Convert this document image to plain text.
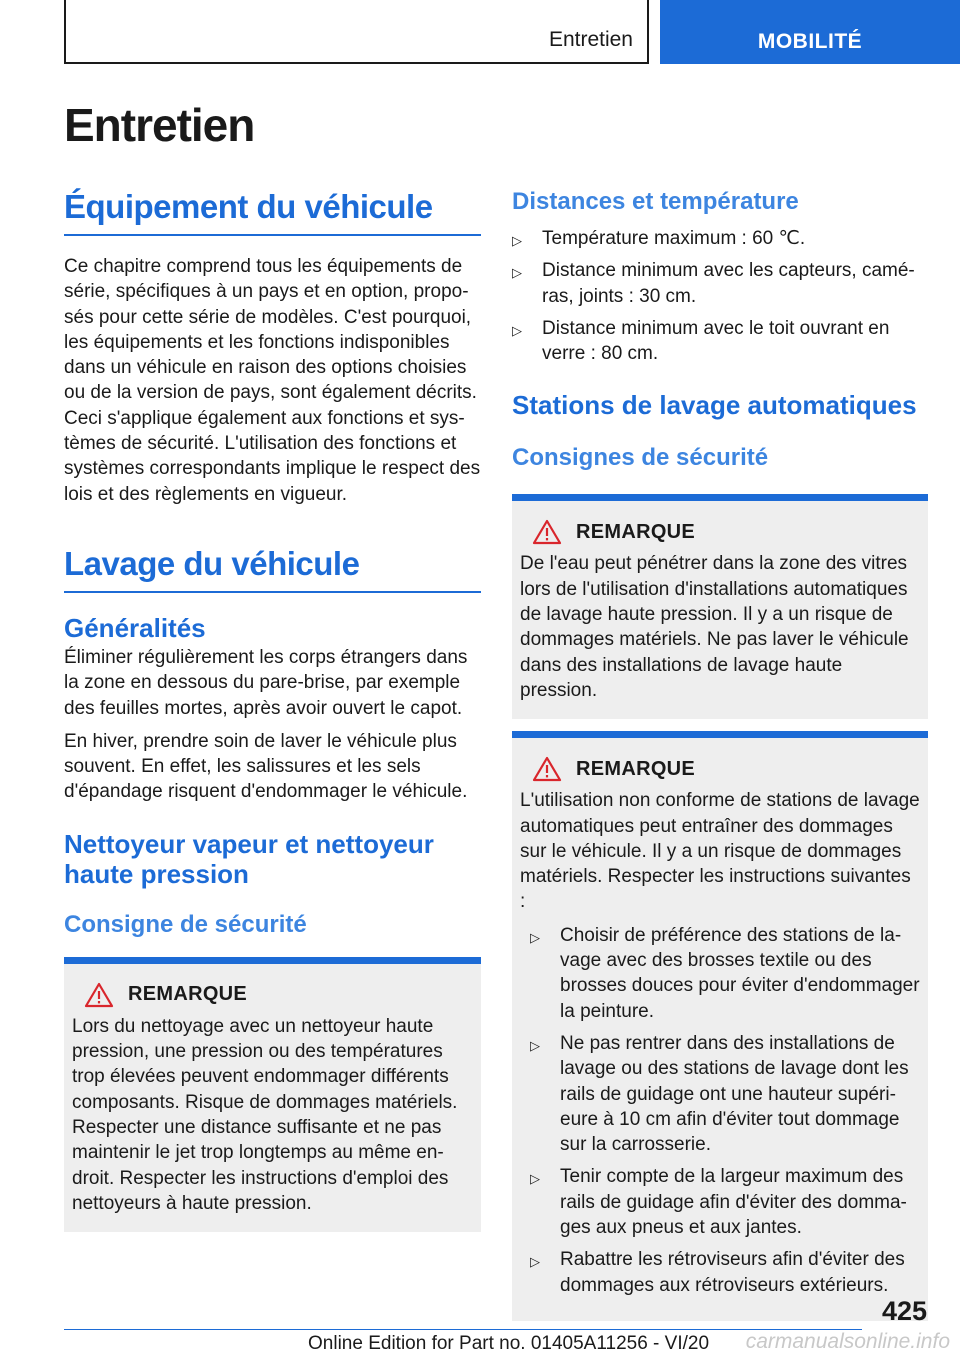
Entretien	MOBILITÉ
Entretien
Équipement du véhicule

Ce chapitre comprend tous les équipements de série, spécifiques à un pays et en option, proposés pour cette série de modèles. C'est pourquoi, les équipements et les fonctions indisponibles dans un véhicule en raison des options choisies ou de la version de pays, sont également décrits. Ceci s'applique également aux fonctions et systèmes de sécurité. L'utilisation des fonctions et systèmes correspondants implique le respect des lois et des règlements en vigueur.

Lavage du véhicule
Généralités

Éliminer régulièrement les corps étrangers dans la zone en dessous du pare-brise, par exemple des feuilles mortes, après avoir ouvert le capot.

En hiver, prendre soin de laver le véhicule plus souvent. En effet, les salissures et les sels d'épandage risquent d'endommager le véhicule.

Nettoyeur vapeur et nettoyeur haute pression
Consigne de sécurité
REMARQUE

Lors du nettoyage avec un nettoyeur haute pression, une pression ou des températures trop élevées peuvent endommager différents composants. Risque de dommages matériels. Respecter une distance suffisante et ne pas maintenir le jet trop longtemps au même endroit. Respecter les instructions d'emploi des nettoyeurs à haute pression.

Distances et température
▷ Température maximum : 60 ℃.
▷ Distance minimum avec les capteurs, caméras, joints : 30 cm.
▷ Distance minimum avec le toit ouvrant en verre : 80 cm.
Stations de lavage automatiques
Consignes de sécurité
REMARQUE

De l'eau peut pénétrer dans la zone des vitres lors de l'utilisation d'installations automatiques de lavage haute pression. Il y a un risque de dommages matériels. Ne pas laver le véhicule dans des installations de lavage haute pression.

REMARQUE

L'utilisation non conforme de stations de lavage automatiques peut entraîner des dommages sur le véhicule. Il y a un risque de dommages matériels. Respecter les instructions suivantes :

▷ Choisir de préférence des stations de lavage avec des brosses textile ou des brosses douces pour éviter d'endommager la peinture.
▷ Ne pas rentrer dans des installations de lavage ou des stations de lavage dont les rails de guidage ont une hauteur supérieure à 10 cm afin d'éviter tout dommage sur la carrosserie.
▷ Tenir compte de la largeur maximum des rails de guidage afin d'éviter des dommages aux pneus et aux jantes.
▷ Rabattre les rétroviseurs afin d'éviter des dommages aux rétroviseurs extérieurs.
425
Online Edition for Part no. 01405A11256 - VI/20 carmanualsonline.info
